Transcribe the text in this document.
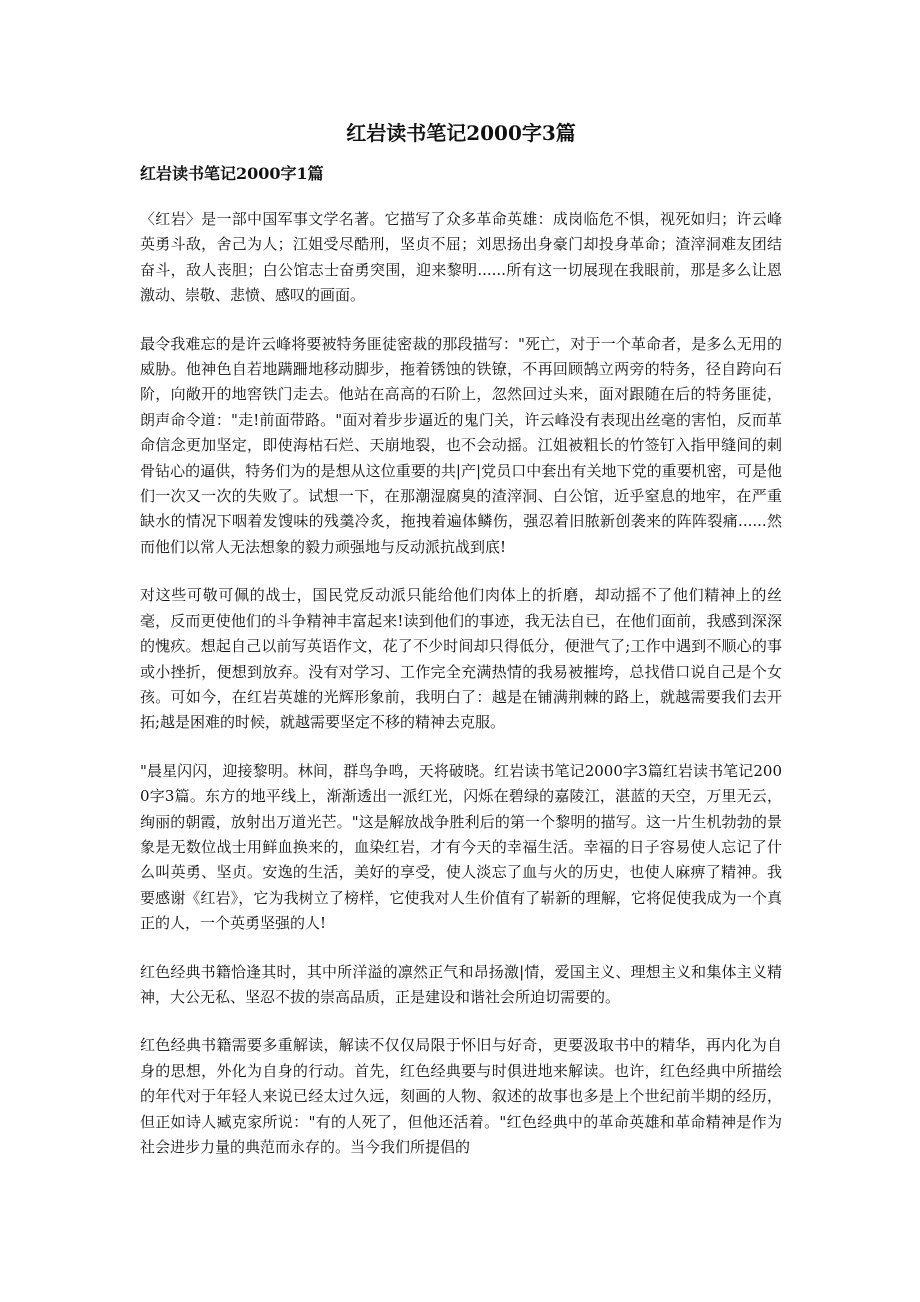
红岩读书笔记2000字3篇
红岩读书笔记2000字1篇

〈红岩〉是一部中国军事文学名著。它描写了众多革命英雄：成岗临危不惧，视死如归；许云峰英勇斗敌，舍己为人；江姐受尽酷刑，坚贞不屈；刘思扬出身豪门却投身革命；渣滓洞难友团结奋斗，敌人丧胆；白公馆志士奋勇突围，迎来黎明......所有这一切展现在我眼前，那是多么让恩激动、崇敬、悲愤、感叹的画面。

最令我难忘的是许云峰将要被特务匪徒密裁的那段描写："死亡，对于一个革命者，是多么无用的威胁。他神色自若地蹒跚地移动脚步，拖着锈蚀的铁镣，不再回顾鹄立两旁的特务，径自跨向石阶，向敞开的地窖铁门走去。他站在高高的石阶上，忽然回过头来，面对跟随在后的特务匪徒，朗声命令道："走!前面带路。"面对着步步逼近的鬼门关，许云峰没有表现出丝毫的害怕，反而革命信念更加坚定，即使海枯石烂、天崩地裂，也不会动摇。江姐被粗长的竹签钉入指甲缝间的刺骨钻心的逼供，特务们为的是想从这位重要的共|产|党员口中套出有关地下党的重要机密，可是他们一次又一次的失败了。试想一下，在那潮湿腐臭的渣滓洞、白公馆，近乎窒息的地牢，在严重缺水的情况下咽着发馊味的残羹冷炙，拖拽着遍体鳞伤，强忍着旧脓新创袭来的阵阵裂痛......然而他们以常人无法想象的毅力顽强地与反动派抗战到底!

对这些可敬可佩的战士，国民党反动派只能给他们肉体上的折磨，却动摇不了他们精神上的丝毫，反而更使他们的斗争精神丰富起来!读到他们的事迹，我无法自已，在他们面前，我感到深深的愧疚。想起自己以前写英语作文，花了不少时间却只得低分，便泄气了;工作中遇到不顺心的事或小挫折，便想到放弃。没有对学习、工作完全充满热情的我易被摧垮，总找借口说自己是个女孩。可如今，在红岩英雄的光辉形象前，我明白了：越是在铺满荆棘的路上，就越需要我们去开拓;越是困难的时候，就越需要坚定不移的精神去克服。

"晨星闪闪，迎接黎明。林间，群鸟争鸣，天将破晓。红岩读书笔记2000字3篇红岩读书笔记2000字3篇。东方的地平线上，渐渐透出一派红光，闪烁在碧绿的嘉陵江，湛蓝的天空，万里无云，绚丽的朝霞，放射出万道光芒。"这是解放战争胜利后的第一个黎明的描写。这一片生机勃勃的景象是无数位战士用鲜血换来的，血染红岩，才有今天的幸福生活。幸福的日子容易使人忘记了什么叫英勇、坚贞。安逸的生活，美好的享受，使人淡忘了血与火的历史，也使人麻痹了精神。我要感谢《红岩》，它为我树立了榜样，它使我对人生价值有了崭新的理解，它将促使我成为一个真正的人，一个英勇坚强的人!

红色经典书籍恰逢其时，其中所洋溢的凛然正气和昂扬激|情，爱国主义、理想主义和集体主义精神，大公无私、坚忍不拔的崇高品质，正是建设和谐社会所迫切需要的。

红色经典书籍需要多重解读，解读不仅仅局限于怀旧与好奇，更要汲取书中的精华，再内化为自身的思想，外化为自身的行动。首先，红色经典要与时俱进地来解读。也许，红色经典中所描绘的年代对于年轻人来说已经太过久远，刻画的人物、叙述的故事也多是上个世纪前半期的经历，但正如诗人臧克家所说："有的人死了，但他还活着。"红色经典中的革命英雄和革命精神是作为社会进步力量的典范而永存的。当今我们所提倡的
